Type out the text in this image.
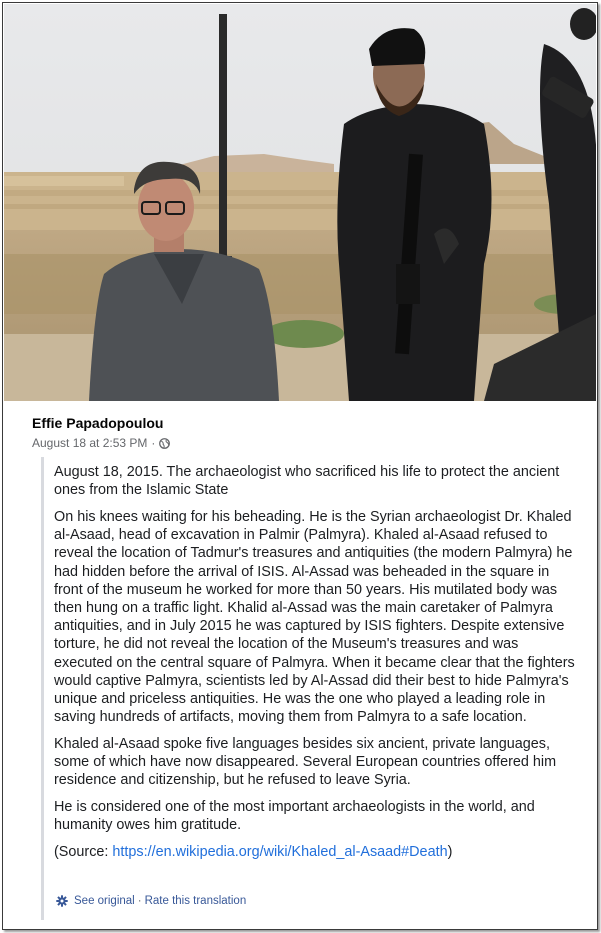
Effie Papadopoulou
August 18 at 2:53 PM ·

August 18, 2015. The archaeologist who sacrificed his life to protect the ancient ones from the Islamic State

On his knees waiting for his beheading. He is the Syrian archaeologist Dr. Khaled al-Asaad, head of excavation in Palmir (Palmyra). Khaled al-Asaad refused to reveal the location of Tadmur's treasures and antiquities (the modern Palmyra) he had hidden before the arrival of ISIS. Al-Assad was beheaded in the square in front of the museum he worked for more than 50 years. His mutilated body was then hung on a traffic light. Khalid al-Assad was the main caretaker of Palmyra antiquities, and in July 2015 he was captured by ISIS fighters. Despite extensive torture, he did not reveal the location of the Museum's treasures and was executed on the central square of Palmyra. When it became clear that the fighters would captive Palmyra, scientists led by Al-Assad did their best to hide Palmyra's unique and priceless antiquities. He was the one who played a leading role in saving hundreds of artifacts, moving them from Palmyra to a safe location.

Khaled al-Asaad spoke five languages besides six ancient, private languages, some of which have now disappeared. Several European countries offered him residence and citizenship, but he refused to leave Syria.

He is considered one of the most important archaeologists in the world, and humanity owes him gratitude.

(Source: https://en.wikipedia.org/wiki/Khaled_al-Asaad#Death)

See original · Rate this translation
